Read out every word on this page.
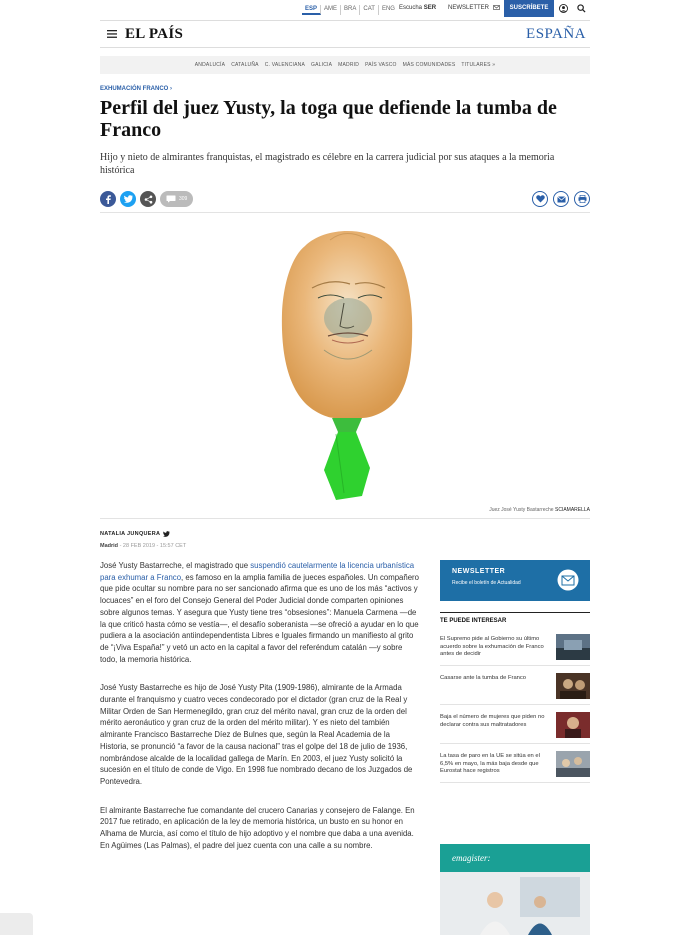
ESP	AME	BRA	CAT	ENG Escucha SER NEWSLETTER	SUSCRÍBETE
EL PAÍS	ESPAÑA
ANDALUCÍA CATALUÑA C. VALENCIANA GALICIA MADRID PAÍS VASCO MÁS COMUNIDADES TITULARES »
EXHUMACIÓN FRANCO ›
Perfil del juez Yusty, la toga que defiende la tumba de Franco
Hijo y nieto de almirantes franquistas, el magistrado es célebre en la carrera judicial por sus ataques a la memoria histórica
309
Juez José Yusty Bastarreche SCIAMARELLA
NATALIA JUNQUERA
Madrid - 28 FEB 2019 - 15:57 CET

José Yusty Bastarreche, el magistrado que suspendió cautelarmente la licencia urbanística para exhumar a Franco, es famoso en la amplia familia de jueces españoles. Un compañero que pide ocultar su nombre para no ser sancionado afirma que es uno de los más “activos y locuaces” en el foro del Consejo General del Poder Judicial donde comparten opiniones sobre algunos temas. Y asegura que Yusty tiene tres “obsesiones”: Manuela Carmena —de la que criticó hasta cómo se vestía—, el desafío soberanista —se ofreció a ayudar en lo que pudiera a la asociación antiindependentista Libres e Iguales firmando un manifiesto al grito de “¡Viva España!” y vetó un acto en la capital a favor del referéndum catalán —y sobre todo, la memoria histórica.

José Yusty Bastarreche es hijo de José Yusty Pita (1909-1986), almirante de la Armada durante el franquismo y cuatro veces condecorado por el dictador (gran cruz de la Real y Militar Orden de San Hermenegildo, gran cruz del mérito naval, gran cruz de la orden del mérito aeronáutico y gran cruz de la orden del mérito militar). Y es nieto del también almirante Francisco Bastarreche Díez de Bulnes que, según la Real Academia de la Historia, se pronunció “a favor de la causa nacional” tras el golpe del 18 de julio de 1936, nombrándose alcalde de la localidad gallega de Marín. En 2003, el juez Yusty solicitó la sucesión en el título de conde de Vigo. En 1998 fue nombrado decano de los Juzgados de Pontevedra.

El almirante Bastarreche fue comandante del crucero Canarias y consejero de Falange. En 2017 fue retirado, en aplicación de la ley de memoria histórica, un busto en su honor en Alhama de Murcia, así como el título de hijo adoptivo y el nombre que daba a una avenida. En Agüimes (Las Palmas), el padre del juez cuenta con una calle a su nombre.

NEWSLETTER
Recibe el boletín de Actualidad
TE PUEDE INTERESAR
El Supremo pide al Gobierno su último acuerdo sobre la exhumación de Franco antes de decidir
Casarse ante la tumba de Franco
Baja el número de mujeres que piden no declarar contra sus maltratadores
La tasa de paro en la UE se sitúa en el 6,5% en mayo, la más baja desde que Eurostat hace registros
emagister:
